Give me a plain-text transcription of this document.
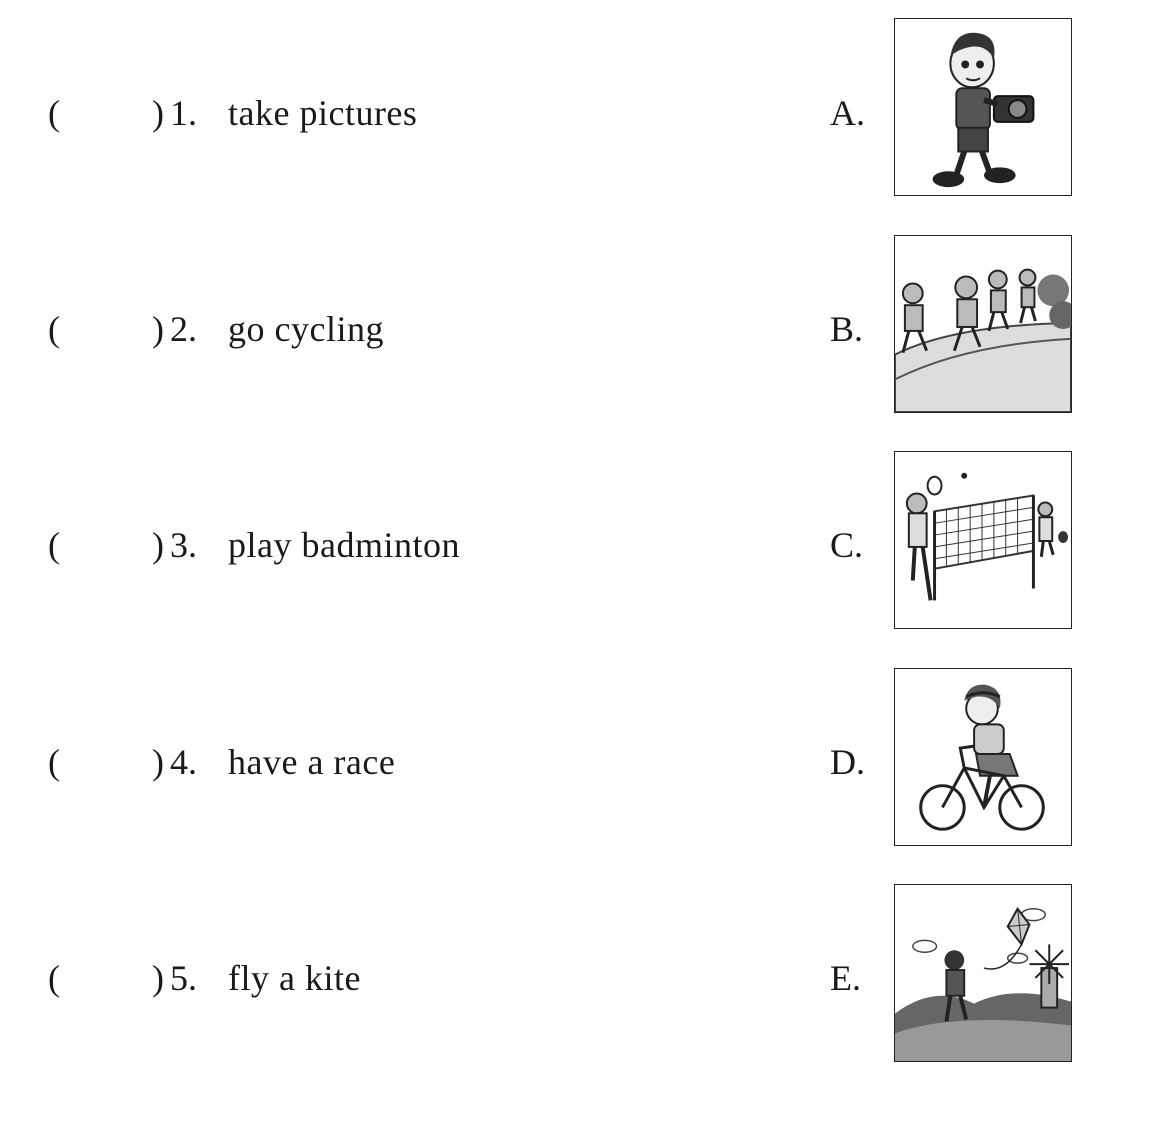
(	) 1. take pictures	A.
(	) 2. go cycling	B.
(	) 3. play badminton	C.
(	) 4. have a race	D.
(	) 5. fly a kite	E.
